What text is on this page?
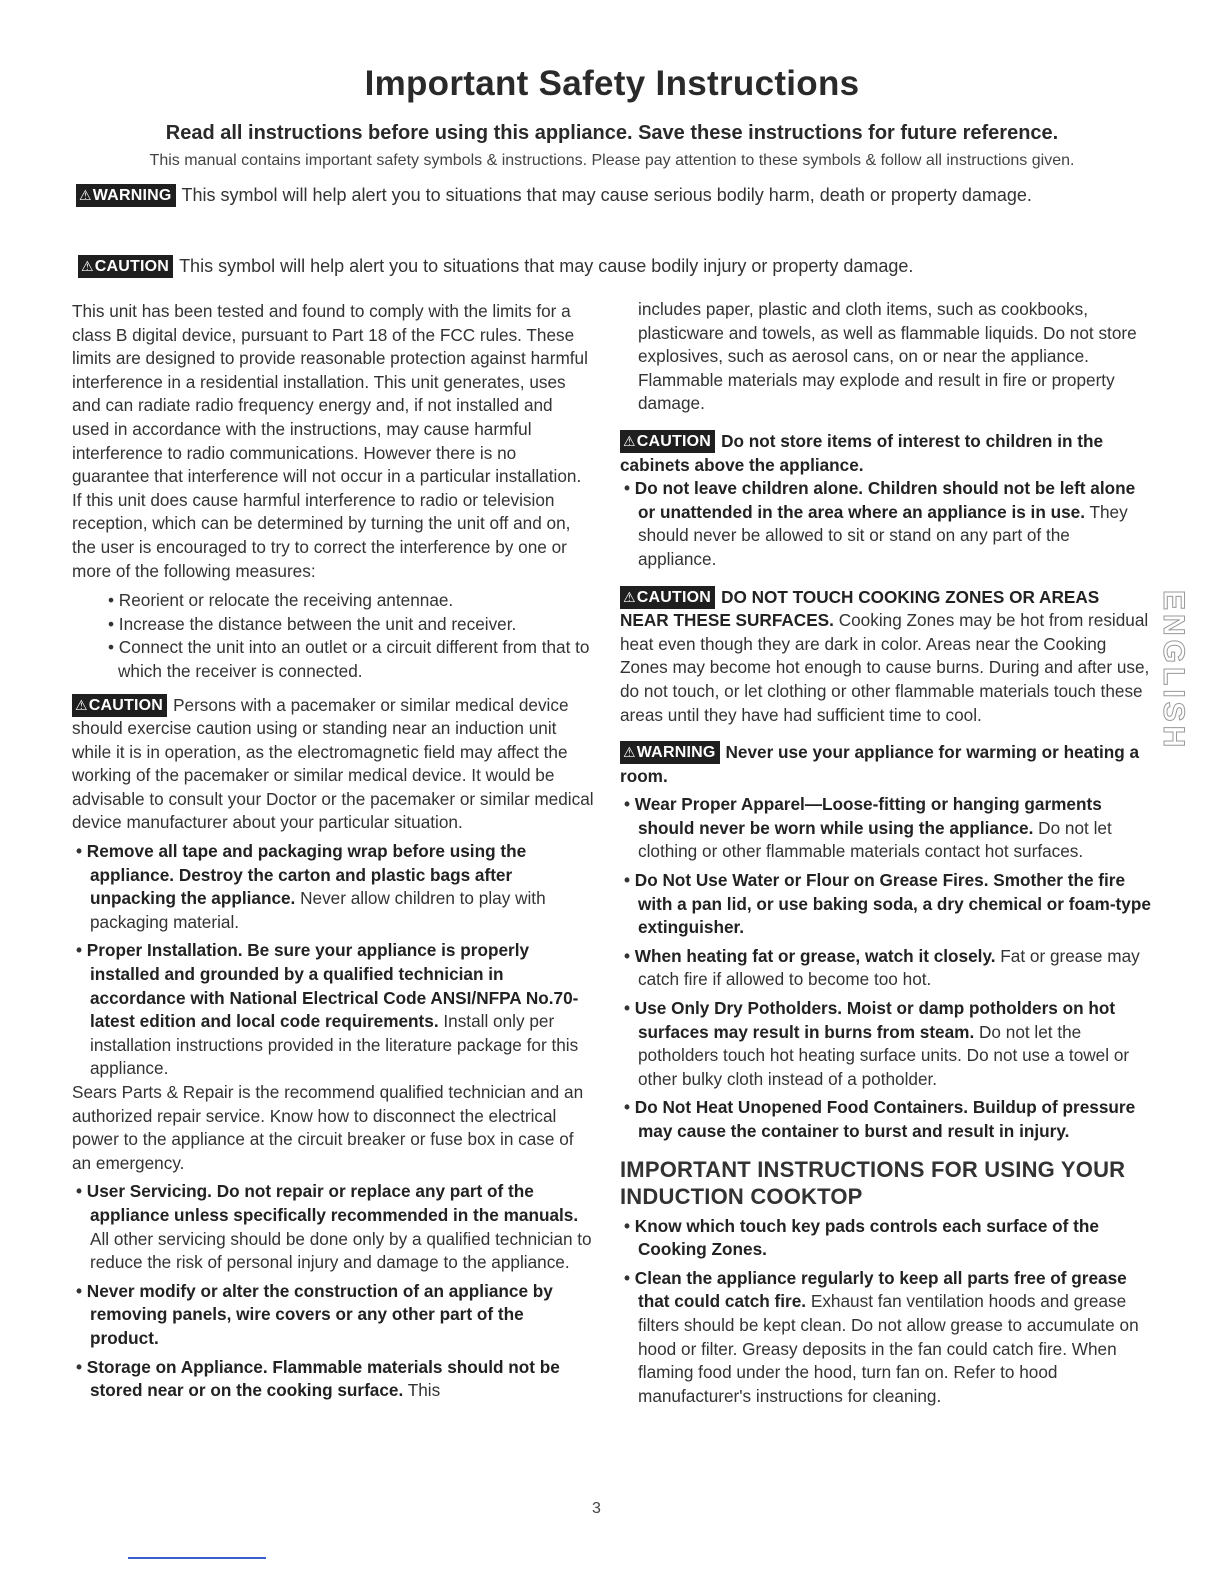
Important Safety Instructions

Read all instructions before using this appliance. Save these instructions for future reference.

This manual contains important safety symbols & instructions. Please pay attention to these symbols & follow all instructions given.

⚠WARNING This symbol will help alert you to situations that may cause serious bodily harm, death or property damage.
⚠CAUTION This symbol will help alert you to situations that may cause bodily injury or property damage.

This unit has been tested and found to comply with the limits for a class B digital device, pursuant to Part 18 of the FCC rules. These limits are designed to provide reasonable protection against harmful interference in a residential installation. This unit generates, uses and can radiate radio frequency energy and, if not installed and used in accordance with the instructions, may cause harmful interference to radio communications. However there is no guarantee that interference will not occur in a particular installation. If this unit does cause harmful interference to radio or television reception, which can be determined by turning the unit off and on, the user is encouraged to try to correct the interference by one or more of the following measures:

• Reorient or relocate the receiving antennae.
• Increase the distance between the unit and receiver.
• Connect the unit into an outlet or a circuit different from that to which the receiver is connected.

⚠CAUTION Persons with a pacemaker or similar medical device should exercise caution using or standing near an induction unit while it is in operation, as the electromagnetic field may affect the working of the pacemaker or similar medical device. It would be advisable to consult your Doctor or the pacemaker or similar medical device manufacturer about your particular situation.

• Remove all tape and packaging wrap before using the appliance. Destroy the carton and plastic bags after unpacking the appliance. Never allow children to play with packaging material.
• Proper Installation. Be sure your appliance is properly installed and grounded by a qualified technician in accordance with National Electrical Code ANSI/NFPA No.70-latest edition and local code requirements. Install only per installation instructions provided in the literature package for this appliance.

Sears Parts & Repair is the recommend qualified technician and an authorized repair service. Know how to disconnect the electrical power to the appliance at the circuit breaker or fuse box in case of an emergency.

• User Servicing. Do not repair or replace any part of the appliance unless specifically recommended in the manuals. All other servicing should be done only by a qualified technician to reduce the risk of personal injury and damage to the appliance.
• Never modify or alter the construction of an appliance by removing panels, wire covers or any other part of the product.
• Storage on Appliance. Flammable materials should not be stored near or on the cooking surface. This

includes paper, plastic and cloth items, such as cookbooks, plasticware and towels, as well as flammable liquids. Do not store explosives, such as aerosol cans, on or near the appliance. Flammable materials may explode and result in fire or property damage.

⚠CAUTION Do not store items of interest to children in the cabinets above the appliance.

• Do not leave children alone. Children should not be left alone or unattended in the area where an appliance is in use. They should never be allowed to sit or stand on any part of the appliance.

⚠CAUTION DO NOT TOUCH COOKING ZONES OR AREAS NEAR THESE SURFACES. Cooking Zones may be hot from residual heat even though they are dark in color. Areas near the Cooking Zones may become hot enough to cause burns. During and after use, do not touch, or let clothing or other flammable materials touch these areas until they have had sufficient time to cool.

⚠WARNING Never use your appliance for warming or heating a room.

• Wear Proper Apparel—Loose-fitting or hanging garments should never be worn while using the appliance. Do not let clothing or other flammable materials contact hot surfaces.
• Do Not Use Water or Flour on Grease Fires. Smother the fire with a pan lid, or use baking soda, a dry chemical or foam-type extinguisher.
• When heating fat or grease, watch it closely. Fat or grease may catch fire if allowed to become too hot.
• Use Only Dry Potholders. Moist or damp potholders on hot surfaces may result in burns from steam. Do not let the potholders touch hot heating surface units. Do not use a towel or other bulky cloth instead of a potholder.
• Do Not Heat Unopened Food Containers. Buildup of pressure may cause the container to burst and result in injury.
IMPORTANT INSTRUCTIONS FOR USING YOUR INDUCTION COOKTOP
• Know which touch key pads controls each surface of the Cooking Zones.
• Clean the appliance regularly to keep all parts free of grease that could catch fire. Exhaust fan ventilation hoods and grease filters should be kept clean. Do not allow grease to accumulate on hood or filter. Greasy deposits in the fan could catch fire. When flaming food under the hood, turn fan on. Refer to hood manufacturer's instructions for cleaning.
ENGLISH
3
